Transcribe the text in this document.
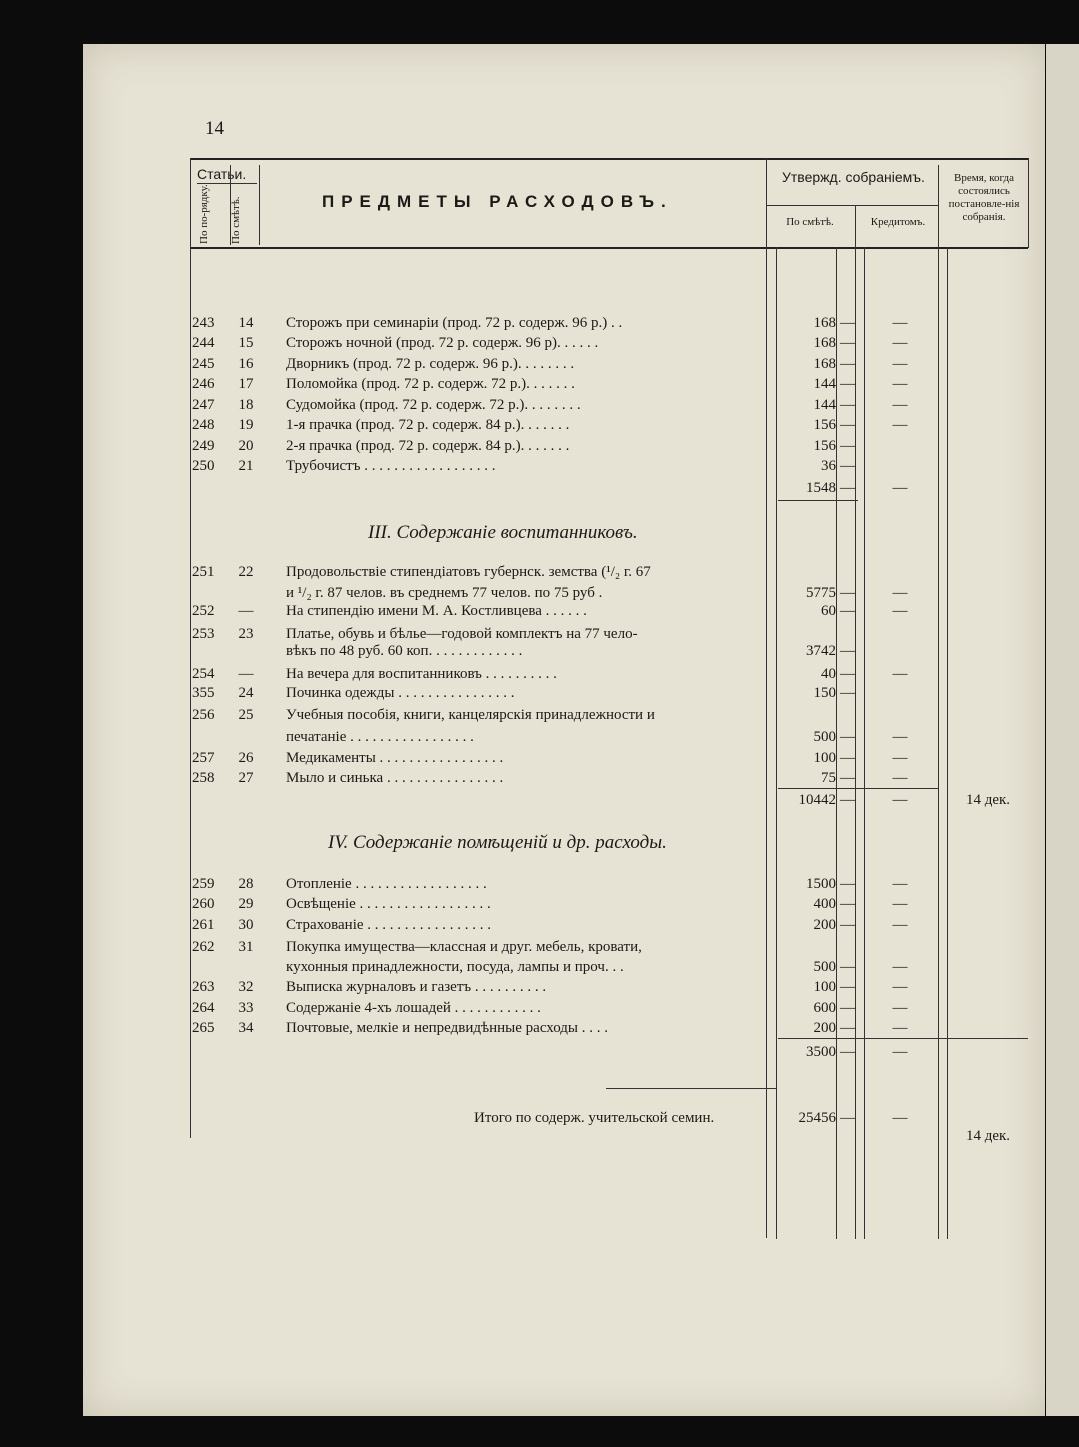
14
Статьи.
По по-рядку. По смѣтѣ.	ПРЕДМЕТЫ РАСХОДОВЪ.
Утвержд. собраніемъ.
По смѣтѣ.	Кредитомъ.
Время, когда состоялись постановле-нія собранія.
243	14	Сторожъ при семинаріи (прод. 72 р. содерж. 96 р.) . .	168 —	—
244	15	Сторожъ ночной (прод. 72 р. содерж. 96 р). . . . . .	168 —	—
245	16	Дворникъ (прод. 72 р. содерж. 96 р.). . . . . . . .	168 —	—
246	17	Поломойка (прод. 72 р. содерж. 72 р.). . . . . . .	144 —	—
247	18	Судомойка (прод. 72 р. содерж. 72 р.). . . . . . . .	144 —	—
248	19	1-я прачка (прод. 72 р. содерж. 84 р.). . . . . . .	156 —	—
249	20	2-я прачка (прод. 72 р. содерж. 84 р.). . . . . . .	156 —
250	21	Трубочистъ . . . . . . . . . . . . . . . . . .	36 —
1548 —	—
III. Содержаніе воспитанниковъ.
251	22	Продовольствіе стипендіатовъ губернск. земства (¹/₂ г. 67
и ¹/₂ г. 87 челов. въ среднемъ 77 челов. по 75 руб .	5775 —	—
252	—	На стипендію имени М. А. Костливцева . . . . . .	60 —	—
253	23	Платье, обувь и бѣлье—годовой комплектъ на 77 чело-
вѣкъ по 48 руб. 60 коп. . . . . . . . . . . . .	3742 —
254	—	На вечера для воспитанниковъ . . . . . . . . . .	40 —	—
355	24	Починка одежды . . . . . . . . . . . . . . . .	150 —
256	25	Учебныя пособія, книги, канцелярскія принадлежности и
печатаніе . . . . . . . . . . . . . . . . .	500 —	—
257	26	Медикаменты . . . . . . . . . . . . . . . . .	100 —	—
258	27	Мыло и синька . . . . . . . . . . . . . . . .	75 —	—
10442 —	—	14 дек.
IV. Содержаніе помѣщеній и др. расходы.
259	28	Отопленіе . . . . . . . . . . . . . . . . . .	1500 —	—
260	29	Освѣщеніе . . . . . . . . . . . . . . . . . .	400 —	—
261	30	Страхованіе . . . . . . . . . . . . . . . . .	200 —	—
262	31	Покупка имущества—классная и друг. мебель, кровати,
кухонныя принадлежности, посуда, лампы и проч. . .	500 —	—
263	32	Выписка журналовъ и газетъ . . . . . . . . . .	100 —	—
264	33	Содержаніе 4-хъ лошадей . . . . . . . . . . . .	600 —	—
265	34	Почтовые, мелкіе и непредвидѣнные расходы . . . .	200 —	—
3500 —	—
Итого по содерж. учительской семин.	25456 —	—
14 дек.
